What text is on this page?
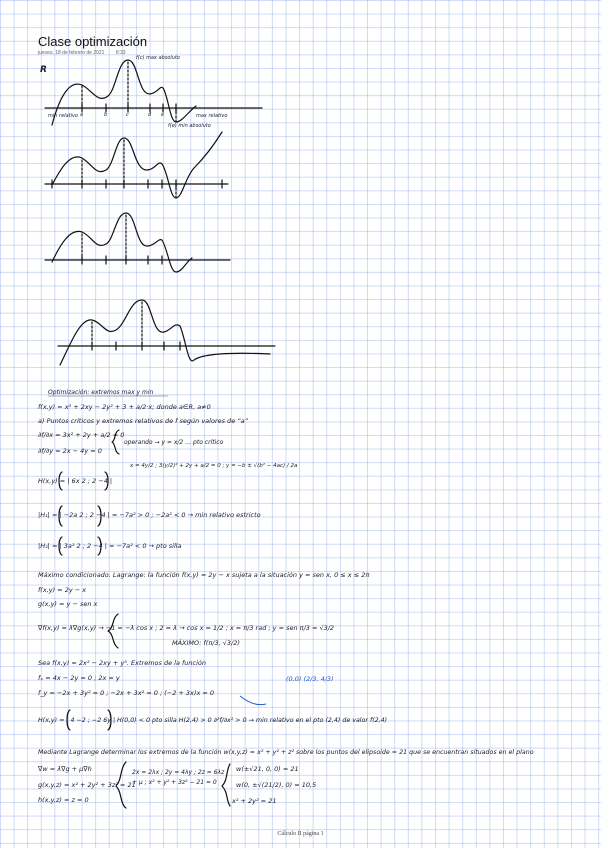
Clase optimización
jueves, 18 de febrero de 2021 8:33
R
f(c) max absoluto
f(e) min absoluto
min relativo	max relativo
a	b	c	d e
Optimización: extremos max y min
f(x,y) = x³ + 2xy − 2y² + 3 + a/2·x; donde a∈R, a≠0
a) Puntos críticos y extremos relativos de f según valores de “a”
∂f/∂x = 3x² + 2y + a/2 = 0
∂f/∂y = 2x − 4y = 0
operando → y = x/2 … pto crítico
x = 4y/2 ; 3(y/2)² + 2y + a/2 = 0 ; y = −b ± √(b² − 4ac) / 2a
H(x,y) = | 6x 2 ; 2 −4 |
|H₁| = | −2a 2 ; 2 −4 | = −7a² > 0 ; −2a² < 0 → min relativo estricto
|H₂| = | 3a² 2 ; 2 −4 | = −7a² < 0 → pto silla
Máximo condicionado. Lagrange: la función f(x,y) = 2y − x sujeta a la situación y = sen x, 0 ≤ x ≤ 2π
f(x,y) = 2y − x
g(x,y) = y − sen x
∇f(x,y) = λ∇g(x,y) → −1 = −λ cos x ; 2 = λ → cos x = 1/2 ; x = π/3 rad ; y = sen π/3 = √3/2
MÁXIMO: f(π/3, √3/2)
Sea f(x,y) = 2x² − 2xy + y³. Extremos de la función
fₓ = 4x − 2y = 0 ; 2x = y
f_y = −2x + 3y² = 0 ; −2x + 3x² = 0 ; (−2 + 3x)x = 0
(0,0) (2/3, 4/3)
H(x,y) = | 4 −2 ; −2 6y | H(0,0) < 0 pto silla H(2,4) > 0 ∂²f/∂x² > 0 → min relativo en el pto (2,4) de valor f(2,4)
Mediante Lagrange determinar los extremos de la función w(x,y,z) = x² + y² + z² sobre los puntos del elipsoide = 21 que se encuentran situados en el plano
∇w = λ∇g + μ∇h
g(x,y,z) = x² + 2y² + 3z² = 21
h(x,y,z) = z = 0
2x = 2λx ; 2y = 4λy ; 2z = 6λz + μ ; x² + y² + 3z² − 21 = 0
w(±√21, 0, 0) = 21
w(0, ±√(21/2), 0) = 10,5
x² + 2y² = 21
Cálculo II página 1
